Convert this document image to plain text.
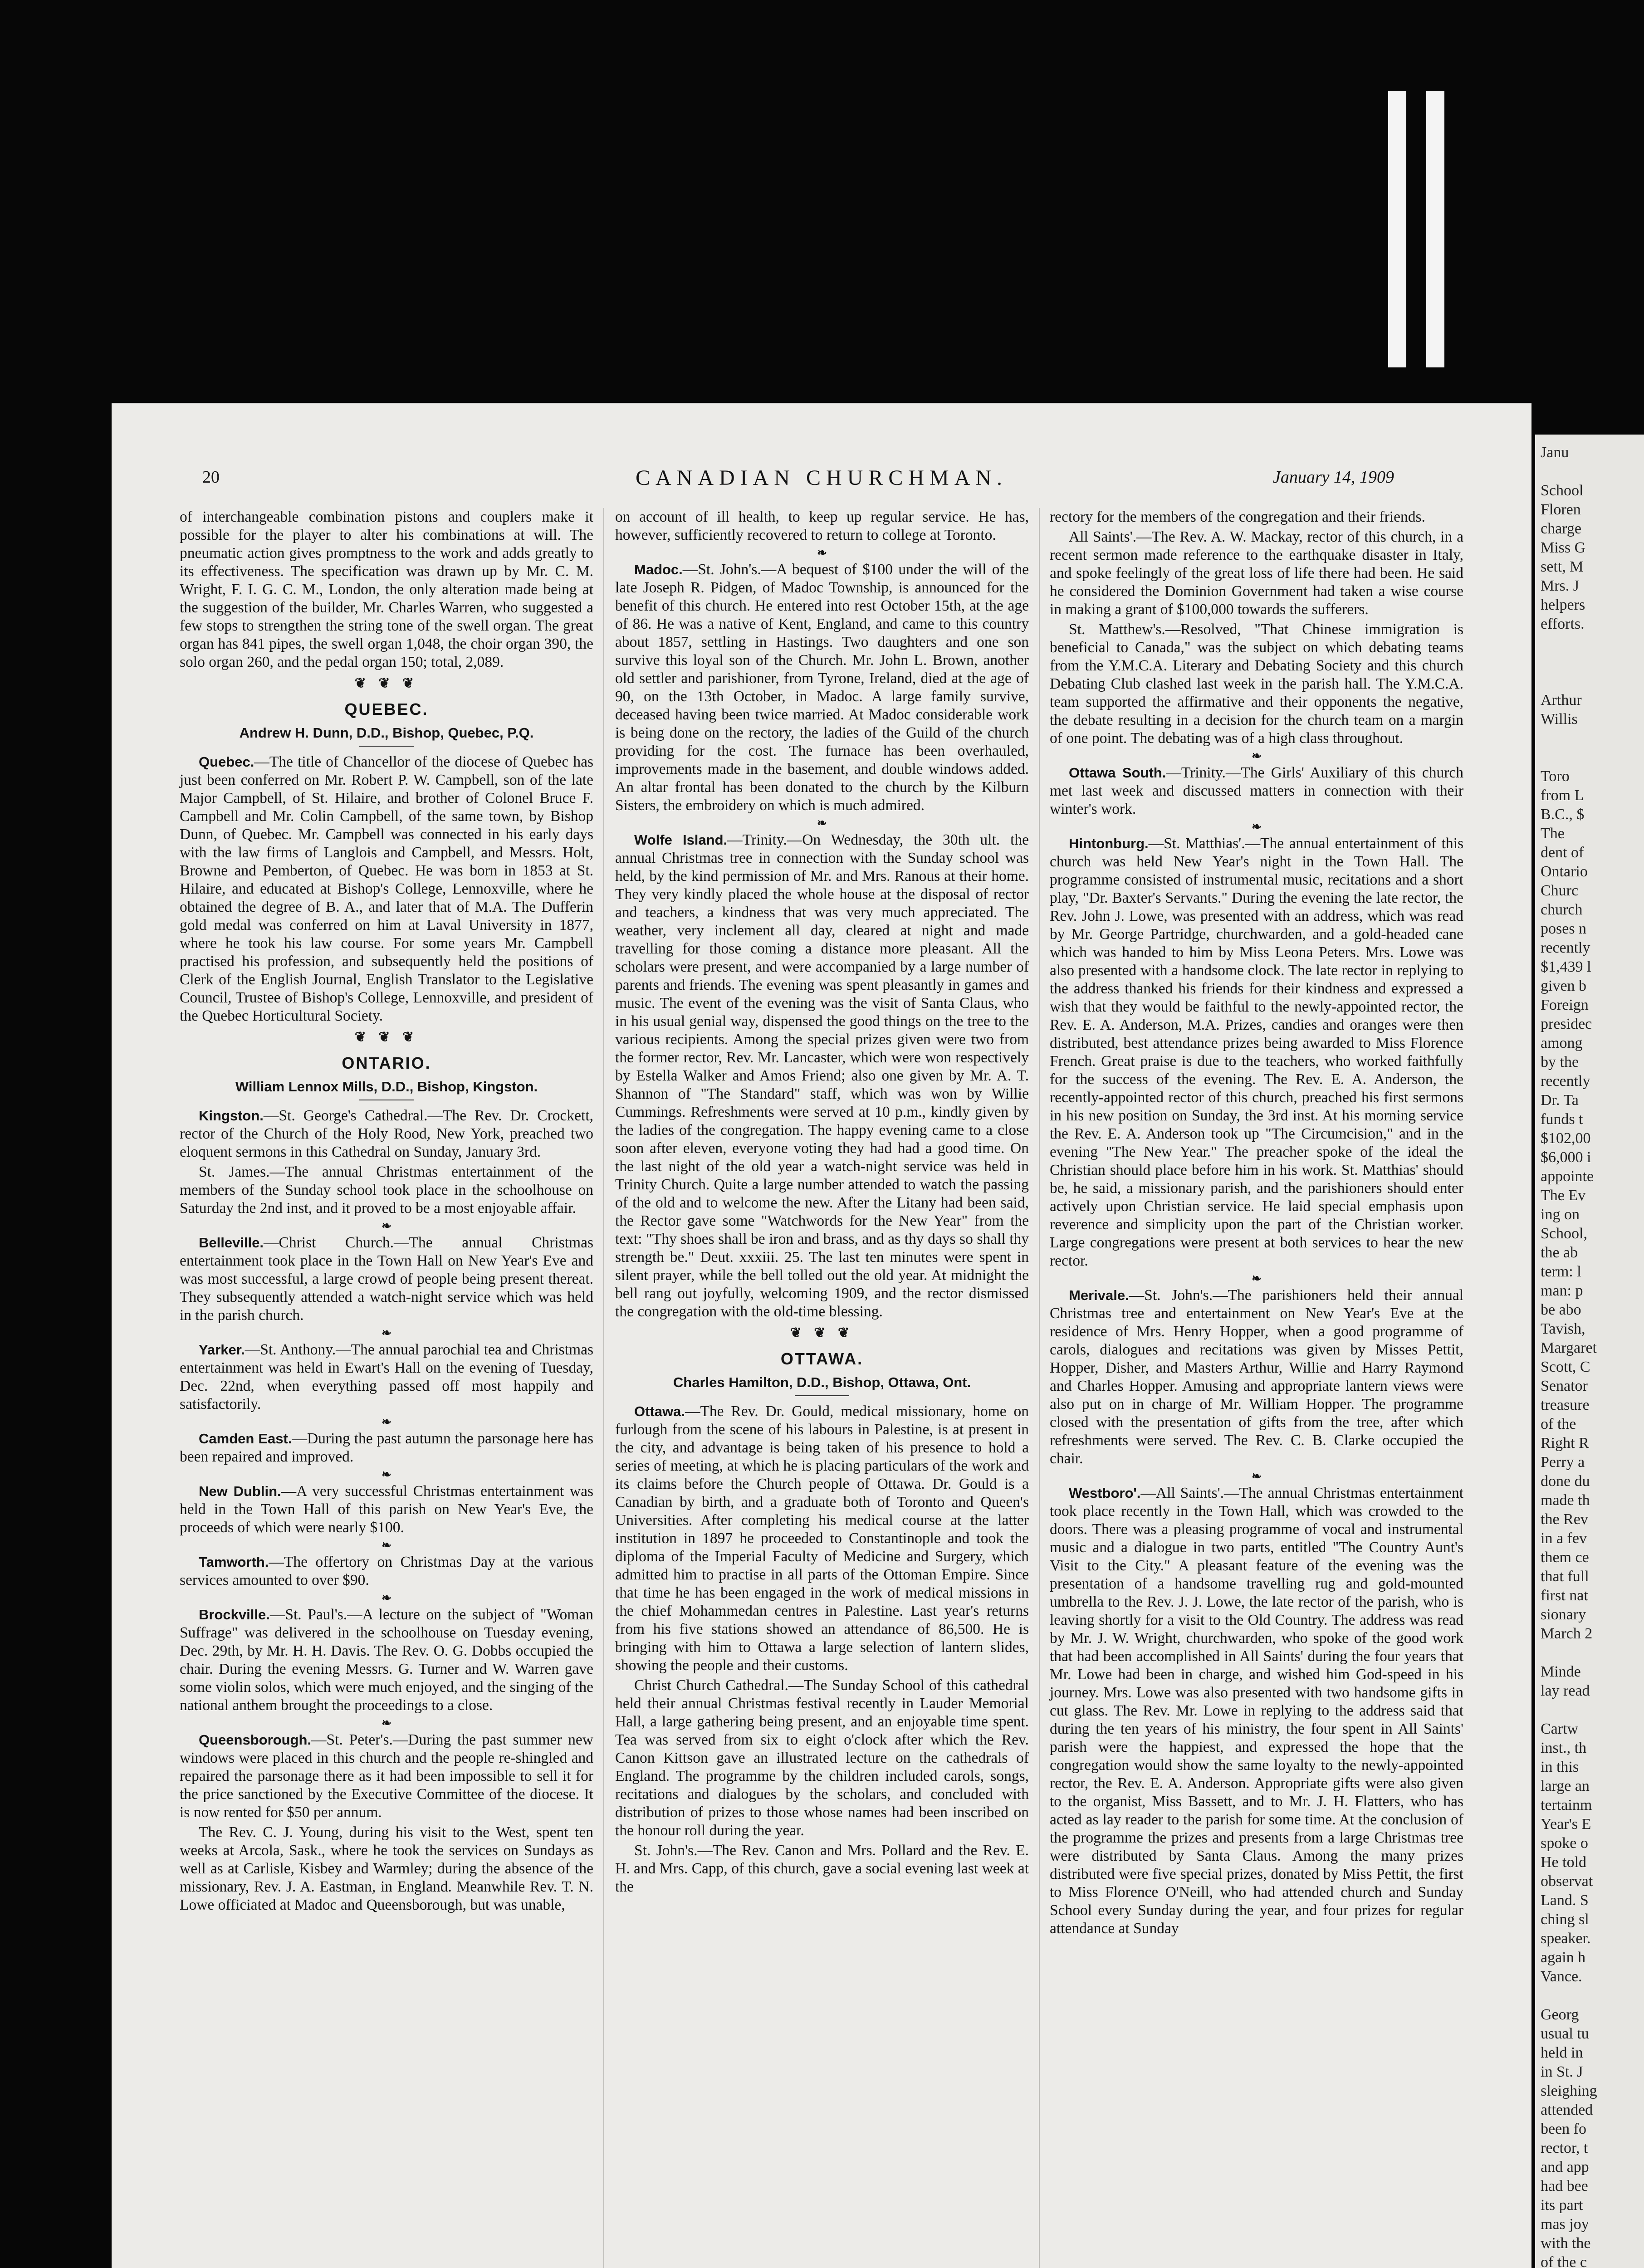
20	CANADIAN CHURCHMAN.	January 14, 1909

of interchangeable combination pistons and couplers make it possible for the player to alter his combinations at will. The pneumatic action gives promptness to the work and adds greatly to its effectiveness. The specification was drawn up by Mr. C. M. Wright, F. I. G. C. M., London, the only alteration made being at the suggestion of the builder, Mr. Charles Warren, who suggested a few stops to strengthen the string tone of the swell organ. The great organ has 841 pipes, the swell organ 1,048, the choir organ 390, the solo organ 260, and the pedal organ 150; total, 2,089.

❦ ❦ ❦
QUEBEC.
Andrew H. Dunn, D.D., Bishop, Quebec, P.Q.

Quebec.—The title of Chancellor of the diocese of Quebec has just been conferred on Mr. Robert P. W. Campbell, son of the late Major Campbell, of St. Hilaire, and brother of Colonel Bruce F. Campbell and Mr. Colin Campbell, of the same town, by Bishop Dunn, of Quebec. Mr. Campbell was connected in his early days with the law firms of Langlois and Campbell, and Messrs. Holt, Browne and Pemberton, of Quebec. He was born in 1853 at St. Hilaire, and educated at Bishop's College, Lennoxville, where he obtained the degree of B. A., and later that of M.A. The Dufferin gold medal was conferred on him at Laval University in 1877, where he took his law course. For some years Mr. Campbell practised his profession, and subsequently held the positions of Clerk of the English Journal, English Translator to the Legislative Council, Trustee of Bishop's College, Lennoxville, and president of the Quebec Horticultural Society.

❦ ❦ ❦
ONTARIO.
William Lennox Mills, D.D., Bishop, Kingston.

Kingston.—St. George's Cathedral.—The Rev. Dr. Crockett, rector of the Church of the Holy Rood, New York, preached two eloquent sermons in this Cathedral on Sunday, January 3rd.

St. James.—The annual Christmas entertainment of the members of the Sunday school took place in the schoolhouse on Saturday the 2nd inst, and it proved to be a most enjoyable affair.

❧

Belleville.—Christ Church.—The annual Christmas entertainment took place in the Town Hall on New Year's Eve and was most successful, a large crowd of people being present thereat. They subsequently attended a watch-night service which was held in the parish church.

❧

Yarker.—St. Anthony.—The annual parochial tea and Christmas entertainment was held in Ewart's Hall on the evening of Tuesday, Dec. 22nd, when everything passed off most happily and satisfactorily.

❧

Camden East.—During the past autumn the parsonage here has been repaired and improved.

❧

New Dublin.—A very successful Christmas entertainment was held in the Town Hall of this parish on New Year's Eve, the proceeds of which were nearly $100.

❧

Tamworth.—The offertory on Christmas Day at the various services amounted to over $90.

❧

Brockville.—St. Paul's.—A lecture on the subject of "Woman Suffrage" was delivered in the schoolhouse on Tuesday evening, Dec. 29th, by Mr. H. H. Davis. The Rev. O. G. Dobbs occupied the chair. During the evening Messrs. G. Turner and W. Warren gave some violin solos, which were much enjoyed, and the singing of the national anthem brought the proceedings to a close.

❧

Queensborough.—St. Peter's.—During the past summer new windows were placed in this church and the people re-shingled and repaired the parsonage there as it had been impossible to sell it for the price sanctioned by the Executive Committee of the diocese. It is now rented for $50 per annum.

The Rev. C. J. Young, during his visit to the West, spent ten weeks at Arcola, Sask., where he took the services on Sundays as well as at Carlisle, Kisbey and Warmley; during the absence of the missionary, Rev. J. A. Eastman, in England. Meanwhile Rev. T. N. Lowe officiated at Madoc and Queensborough, but was unable,

on account of ill health, to keep up regular service. He has, however, sufficiently recovered to return to college at Toronto.

❧

Madoc.—St. John's.—A bequest of $100 under the will of the late Joseph R. Pidgen, of Madoc Township, is announced for the benefit of this church. He entered into rest October 15th, at the age of 86. He was a native of Kent, England, and came to this country about 1857, settling in Hastings. Two daughters and one son survive this loyal son of the Church. Mr. John L. Brown, another old settler and parishioner, from Tyrone, Ireland, died at the age of 90, on the 13th October, in Madoc. A large family survive, deceased having been twice married. At Madoc considerable work is being done on the rectory, the ladies of the Guild of the church providing for the cost. The furnace has been overhauled, improvements made in the basement, and double windows added. An altar frontal has been donated to the church by the Kilburn Sisters, the embroidery on which is much admired.

❧

Wolfe Island.—Trinity.—On Wednesday, the 30th ult. the annual Christmas tree in connection with the Sunday school was held, by the kind permission of Mr. and Mrs. Ranous at their home. They very kindly placed the whole house at the disposal of rector and teachers, a kindness that was very much appreciated. The weather, very inclement all day, cleared at night and made travelling for those coming a distance more pleasant. All the scholars were present, and were accompanied by a large number of parents and friends. The evening was spent pleasantly in games and music. The event of the evening was the visit of Santa Claus, who in his usual genial way, dispensed the good things on the tree to the various recipients. Among the special prizes given were two from the former rector, Rev. Mr. Lancaster, which were won respectively by Estella Walker and Amos Friend; also one given by Mr. A. T. Shannon of "The Standard" staff, which was won by Willie Cummings. Refreshments were served at 10 p.m., kindly given by the ladies of the congregation. The happy evening came to a close soon after eleven, everyone voting they had had a good time. On the last night of the old year a watch-night service was held in Trinity Church. Quite a large number attended to watch the passing of the old and to welcome the new. After the Litany had been said, the Rector gave some "Watchwords for the New Year" from the text: "Thy shoes shall be iron and brass, and as thy days so shall thy strength be." Deut. xxxiii. 25. The last ten minutes were spent in silent prayer, while the bell tolled out the old year. At midnight the bell rang out joyfully, welcoming 1909, and the rector dismissed the congregation with the old-time blessing.

❦ ❦ ❦
OTTAWA.
Charles Hamilton, D.D., Bishop, Ottawa, Ont.

Ottawa.—The Rev. Dr. Gould, medical missionary, home on furlough from the scene of his labours in Palestine, is at present in the city, and advantage is being taken of his presence to hold a series of meeting, at which he is placing particulars of the work and its claims before the Church people of Ottawa. Dr. Gould is a Canadian by birth, and a graduate both of Toronto and Queen's Universities. After completing his medical course at the latter institution in 1897 he proceeded to Constantinople and took the diploma of the Imperial Faculty of Medicine and Surgery, which admitted him to practise in all parts of the Ottoman Empire. Since that time he has been engaged in the work of medical missions in the chief Mohammedan centres in Palestine. Last year's returns from his five stations showed an attendance of 86,500. He is bringing with him to Ottawa a large selection of lantern slides, showing the people and their customs.

Christ Church Cathedral.—The Sunday School of this cathedral held their annual Christmas festival recently in Lauder Memorial Hall, a large gathering being present, and an enjoyable time spent. Tea was served from six to eight o'clock after which the Rev. Canon Kittson gave an illustrated lecture on the cathedrals of England. The programme by the children included carols, songs, recitations and dialogues by the scholars, and concluded with distribution of prizes to those whose names had been inscribed on the honour roll during the year.

St. John's.—The Rev. Canon and Mrs. Pollard and the Rev. E. H. and Mrs. Capp, of this church, gave a social evening last week at the

rectory for the members of the congregation and their friends.

All Saints'.—The Rev. A. W. Mackay, rector of this church, in a recent sermon made reference to the earthquake disaster in Italy, and spoke feelingly of the great loss of life there had been. He said he considered the Dominion Government had taken a wise course in making a grant of $100,000 towards the sufferers.

St. Matthew's.—Resolved, "That Chinese immigration is beneficial to Canada," was the subject on which debating teams from the Y.M.C.A. Literary and Debating Society and this church Debating Club clashed last week in the parish hall. The Y.M.C.A. team supported the affirmative and their opponents the negative, the debate resulting in a decision for the church team on a margin of one point. The debating was of a high class throughout.

❧

Ottawa South.—Trinity.—The Girls' Auxiliary of this church met last week and discussed matters in connection with their winter's work.

❧

Hintonburg.—St. Matthias'.—The annual entertainment of this church was held New Year's night in the Town Hall. The programme consisted of instrumental music, recitations and a short play, "Dr. Baxter's Servants." During the evening the late rector, the Rev. John J. Lowe, was presented with an address, which was read by Mr. George Partridge, churchwarden, and a gold-headed cane which was handed to him by Miss Leona Peters. Mrs. Lowe was also presented with a handsome clock. The late rector in replying to the address thanked his friends for their kindness and expressed a wish that they would be faithful to the newly-appointed rector, the Rev. E. A. Anderson, M.A. Prizes, candies and oranges were then distributed, best attendance prizes being awarded to Miss Florence French. Great praise is due to the teachers, who worked faithfully for the success of the evening. The Rev. E. A. Anderson, the recently-appointed rector of this church, preached his first sermons in his new position on Sunday, the 3rd inst. At his morning service the Rev. E. A. Anderson took up "The Circumcision," and in the evening "The New Year." The preacher spoke of the ideal the Christian should place before him in his work. St. Matthias' should be, he said, a missionary parish, and the parishioners should enter actively upon Christian service. He laid special emphasis upon reverence and simplicity upon the part of the Christian worker. Large congregations were present at both services to hear the new rector.

❧

Merivale.—St. John's.—The parishioners held their annual Christmas tree and entertainment on New Year's Eve at the residence of Mrs. Henry Hopper, when a good programme of carols, dialogues and recitations was given by Misses Pettit, Hopper, Disher, and Masters Arthur, Willie and Harry Raymond and Charles Hopper. Amusing and appropriate lantern views were also put on in charge of Mr. William Hopper. The programme closed with the presentation of gifts from the tree, after which refreshments were served. The Rev. C. B. Clarke occupied the chair.

❧

Westboro'.—All Saints'.—The annual Christmas entertainment took place recently in the Town Hall, which was crowded to the doors. There was a pleasing programme of vocal and instrumental music and a dialogue in two parts, entitled "The Country Aunt's Visit to the City." A pleasant feature of the evening was the presentation of a handsome travelling rug and gold-mounted umbrella to the Rev. J. J. Lowe, the late rector of the parish, who is leaving shortly for a visit to the Old Country. The address was read by Mr. J. W. Wright, churchwarden, who spoke of the good work that had been accomplished in All Saints' during the four years that Mr. Lowe had been in charge, and wished him God-speed in his journey. Mrs. Lowe was also presented with two handsome gifts in cut glass. The Rev. Mr. Lowe in replying to the address said that during the ten years of his ministry, the four spent in All Saints' parish were the happiest, and expressed the hope that the congregation would show the same loyalty to the newly-appointed rector, the Rev. E. A. Anderson. Appropriate gifts were also given to the organist, Miss Bassett, and to Mr. J. H. Flatters, who has acted as lay reader to the parish for some time. At the conclusion of the programme the prizes and presents from a large Christmas tree were distributed by Santa Claus. Among the many prizes distributed were five special prizes, donated by Miss Pettit, the first to Miss Florence O'Neill, who had attended church and Sunday School every Sunday during the year, and four prizes for regular attendance at Sunday

Janu
School
Floren
charge
Miss G
sett, M
Mrs. J
helpers
efforts.
Arthur
Willis
Toro
from L
B.C., $
The
dent of
Ontario
Churc
church
poses n
recently
$1,439 l
given b
Foreign
presidec
among
by the
recently
Dr. Ta
funds t
$102,00
$6,000 i
appointe
The Ev
ing on
School,
the ab
term: l
man: p
be abo
Tavish,
Margaret
Scott, C
Senator
treasure
of the
Right R
Perry a
done du
made th
the Rev
in a fev
them ce
that full
first nat
sionary
March 2
Minde
lay read
Cartw
inst., th
in this
large an
tertainm
Year's E
spoke o
He told
observat
Land. S
ching sl
speaker.
again h
Vance.
Georg
usual tu
held in
in St. J
sleighing
attended
been fo
rector, t
and app
had bee
its part
mas joy
with the
of the c
